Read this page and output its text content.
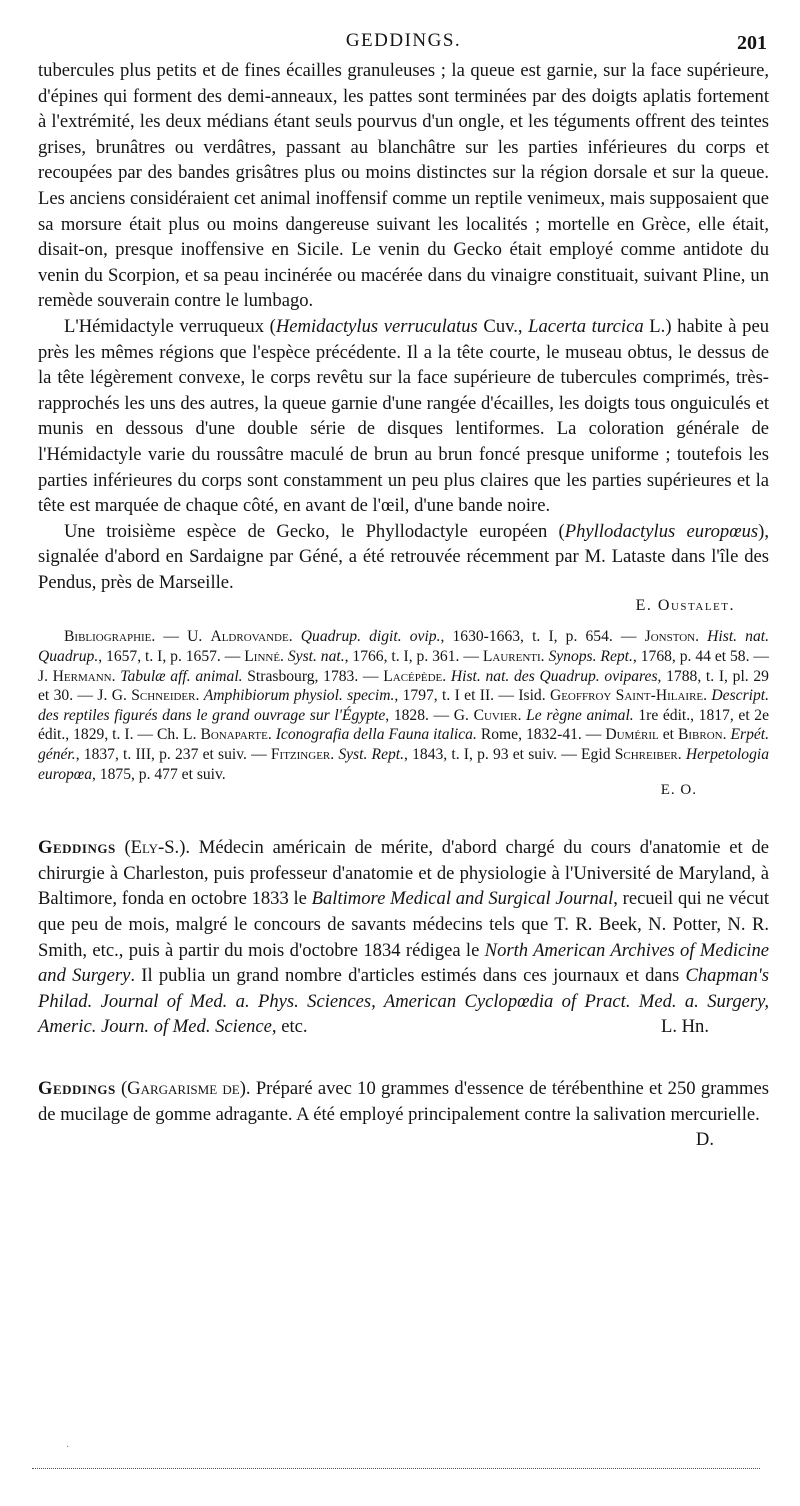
GEDDINGS.	201

tubercules plus petits et de fines écailles granuleuses ; la queue est garnie, sur la face supérieure, d'épines qui forment des demi-anneaux, les pattes sont terminées par des doigts aplatis fortement à l'extrémité, les deux médians étant seuls pourvus d'un ongle, et les téguments offrent des teintes grises, brunâtres ou verdâtres, passant au blanchâtre sur les parties inférieures du corps et recoupées par des bandes grisâtres plus ou moins distinctes sur la région dorsale et sur la queue. Les anciens considéraient cet animal inoffensif comme un reptile venimeux, mais supposaient que sa morsure était plus ou moins dangereuse suivant les localités ; mortelle en Grèce, elle était, disait-on, presque inoffensive en Sicile. Le venin du Gecko était employé comme antidote du venin du Scorpion, et sa peau incinérée ou macérée dans du vinaigre constituait, suivant Pline, un remède souverain contre le lumbago.

L'Hémidactyle verruqueux (Hemidactylus verruculatus Cuv., Lacerta turcica L.) habite à peu près les mêmes régions que l'espèce précédente. Il a la tête courte, le museau obtus, le dessus de la tête légèrement convexe, le corps revêtu sur la face supérieure de tubercules comprimés, très-rapprochés les uns des autres, la queue garnie d'une rangée d'écailles, les doigts tous onguiculés et munis en dessous d'une double série de disques lentiformes. La coloration générale de l'Hémidactyle varie du roussâtre maculé de brun au brun foncé presque uniforme ; toutefois les parties inférieures du corps sont constamment un peu plus claires que les parties supérieures et la tête est marquée de chaque côté, en avant de l'œil, d'une bande noire.

Une troisième espèce de Gecko, le Phyllodactyle européen (Phyllodactylus europœus), signalée d'abord en Sardaigne par Géné, a été retrouvée récemment par M. Lataste dans l'île des Pendus, près de Marseille.

E. Oustalet.

Bibliographie. — U. Aldrovande. Quadrup. digit. ovip., 1630-1663, t. I, p. 654. — Jonston. Hist. nat. Quadrup., 1657, t. I, p. 1657. — Linné. Syst. nat., 1766, t. I, p. 361. — Laurenti. Synops. Rept., 1768, p. 44 et 58. — J. Hermann. Tabulæ aff. animal. Strasbourg, 1783. — Lacépède. Hist. nat. des Quadrup. ovipares, 1788, t. I, pl. 29 et 30. — J. G. Schneider. Amphibiorum physiol. specim., 1797, t. I et II. — Isid. Geoffroy Saint-Hilaire. Descript. des reptiles figurés dans le grand ouvrage sur l'Égypte, 1828. — G. Cuvier. Le règne animal. 1re édit., 1817, et 2e édit., 1829, t. I. — Ch. L. Bonaparte. Iconografia della Fauna italica. Rome, 1832-41. — Duméril et Bibron. Erpét. génér., 1837, t. III, p. 237 et suiv. — Fitzinger. Syst. Rept., 1843, t. I, p. 93 et suiv. — Egid Schreiber. Herpetologia europœa, 1875, p. 477 et suiv.

E. O.

Geddings (Ely-S.). Médecin américain de mérite, d'abord chargé du cours d'anatomie et de chirurgie à Charleston, puis professeur d'anatomie et de physiologie à l'Université de Maryland, à Baltimore, fonda en octobre 1833 le Baltimore Medical and Surgical Journal, recueil qui ne vécut que peu de mois, malgré le concours de savants médecins tels que T. R. Beek, N. Potter, N. R. Smith, etc., puis à partir du mois d'octobre 1834 rédigea le North American Archives of Medicine and Surgery. Il publia un grand nombre d'articles estimés dans ces journaux et dans Chapman's Philad. Journal of Med. a. Phys. Sciences, American Cyclopœdia of Pract. Med. a. Surgery, Americ. Journ. of Med. Science, etc.	L. Hn.

Geddings (Gargarisme de). Préparé avec 10 grammes d'essence de térébenthine et 250 grammes de mucilage de gomme adragante. A été employé principalement contre la salivation mercurielle.
D.

·
